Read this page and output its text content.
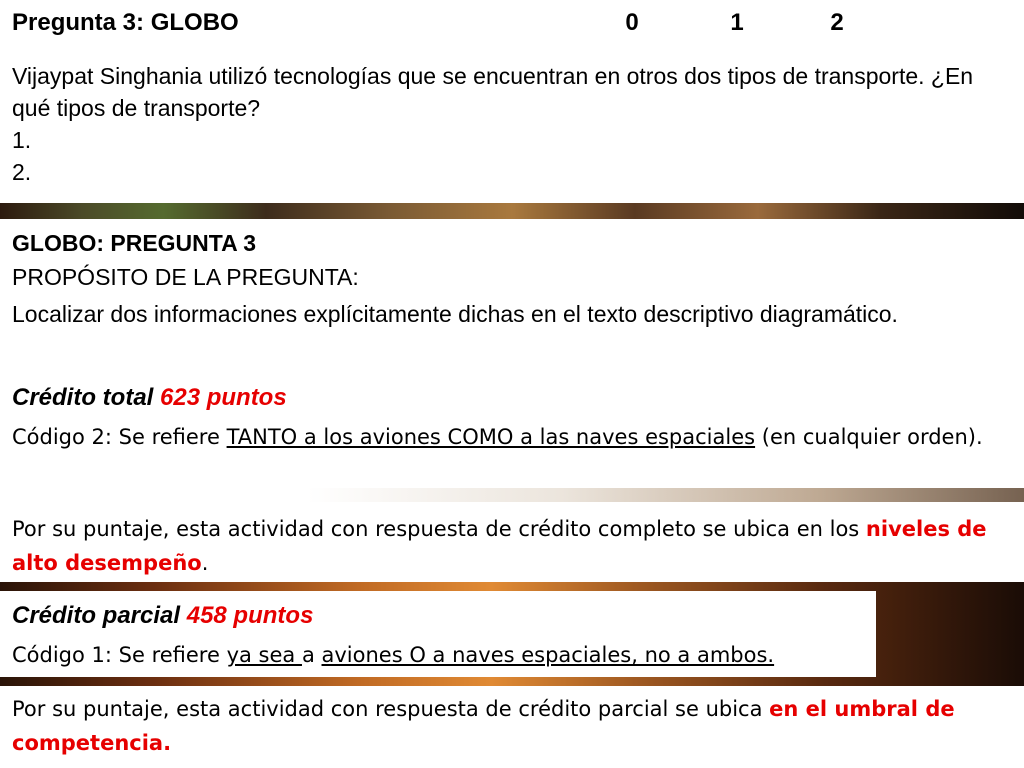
Pregunta 3: GLOBO	0	1	2
Vijaypat Singhania utilizó tecnologías que se encuentran en otros dos tipos de transporte. ¿En qué tipos de transporte?
1.
2.
GLOBO: PREGUNTA 3
PROPÓSITO DE LA PREGUNTA:
Localizar dos informaciones explícitamente dichas en el texto descriptivo diagramático.
Crédito total 623 puntos
Código 2: Se refiere TANTO a los aviones COMO a las naves espaciales (en cualquier orden).
Por su puntaje, esta actividad con respuesta de crédito completo se ubica en los niveles de alto desempeño.
Crédito parcial 458 puntos
Código 1: Se refiere ya sea a aviones O a naves espaciales, no a ambos.
Por su puntaje, esta actividad con respuesta de crédito parcial se ubica en el umbral de competencia.
